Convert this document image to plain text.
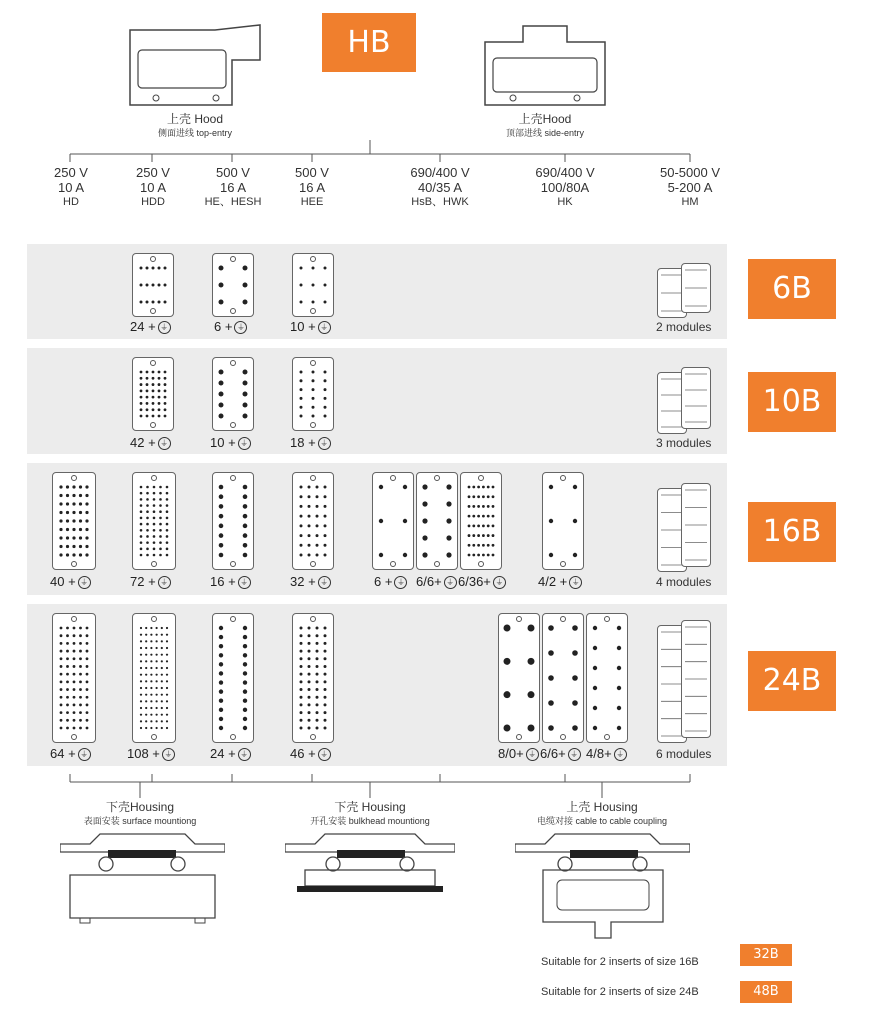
HB
上壳 Hood
侧面进线 top-entry
上壳Hood
顶部进线 side-entry
250 V
10 A
HD
250 V
10 A
HDD
500 V
16 A
HE、HESH
500 V
16 A
HEE
690/400 V
40/35 A
HsB、HWK
690/400 V
100/80A
HK
50-5000 V
5-200 A
HM
6B
10B
16B
24B
2 modules
3 modules
4 modules
6 modules
24 + ⏚	6 + ⏚	10 + ⏚
42 + ⏚	10 + ⏚	18 + ⏚
40 + ⏚	72 + ⏚	16 + ⏚	32 + ⏚	6 + ⏚ 6/6+ ⏚ 6/36+ ⏚	4/2 + ⏚
64 + ⏚	108 + ⏚	24 + ⏚	46 + ⏚	8/0+ ⏚ 6/6+ ⏚ 4/8+ ⏚
下壳Housing
表面安装 surface mountiong
下壳 Housing
开孔安装 bulkhead mountiong
上壳 Housing
电缆对接 cable to cable coupling
Suitable for 2 inserts of size 16B	32B
Suitable for 2 inserts of size 24B	48B
